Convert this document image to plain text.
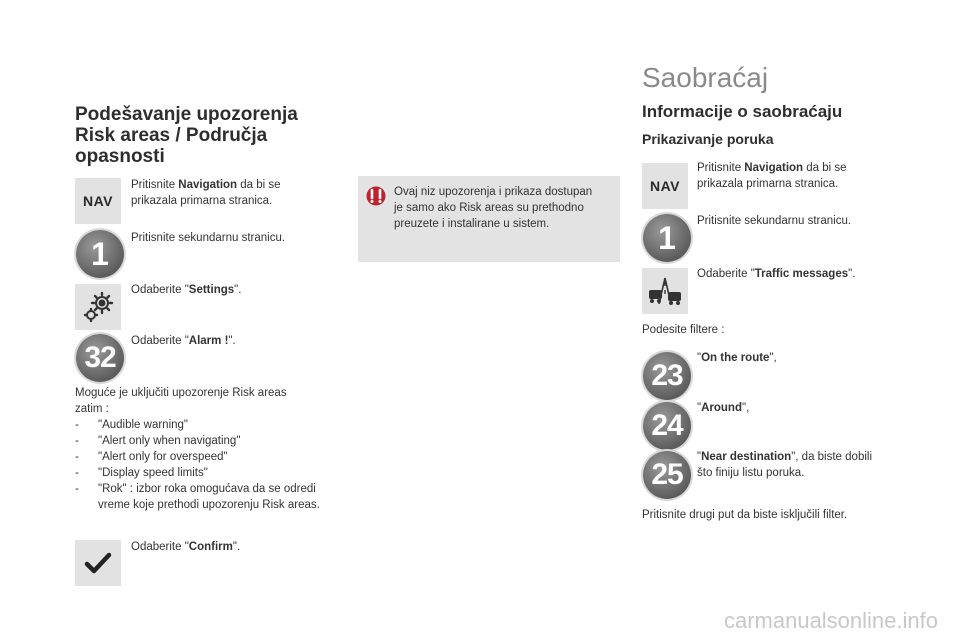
Podešavanje upozorenja
Risk areas / Područja
opasnosti
NAV
Pritisnite Navigation da bi se
prikazala primarna stranica.
1 Pritisnite sekundarnu stranicu.
Odaberite "Settings".
32 Odaberite "Alarm !".
Moguće je uključiti upozorenje Risk areas
zatim :
-	"Audible warning"
-	"Alert only when navigating"
-	"Alert only for overspeed"
-	"Display speed limits"
-	"Rok" : izbor roka omogućava da se odredi
vreme koje prethodi upozorenju Risk areas.
Odaberite "Confirm".
Ovaj niz upozorenja i prikaza dostupan
je samo ako Risk areas su prethodno
preuzete i instalirane u sistem.
Saobraćaj
Informacije o saobraćaju
Prikazivanje poruka
NAV
Pritisnite Navigation da bi se
prikazala primarna stranica.
1 Pritisnite sekundarnu stranicu.
Odaberite "Traffic messages".
Podesite filtere :
23
"On the route",
24
"Around",
25
"Near destination", da biste dobili
što finiju listu poruka.
Pritisnite drugi put da biste isključili filter.
carmanualsonline.info
